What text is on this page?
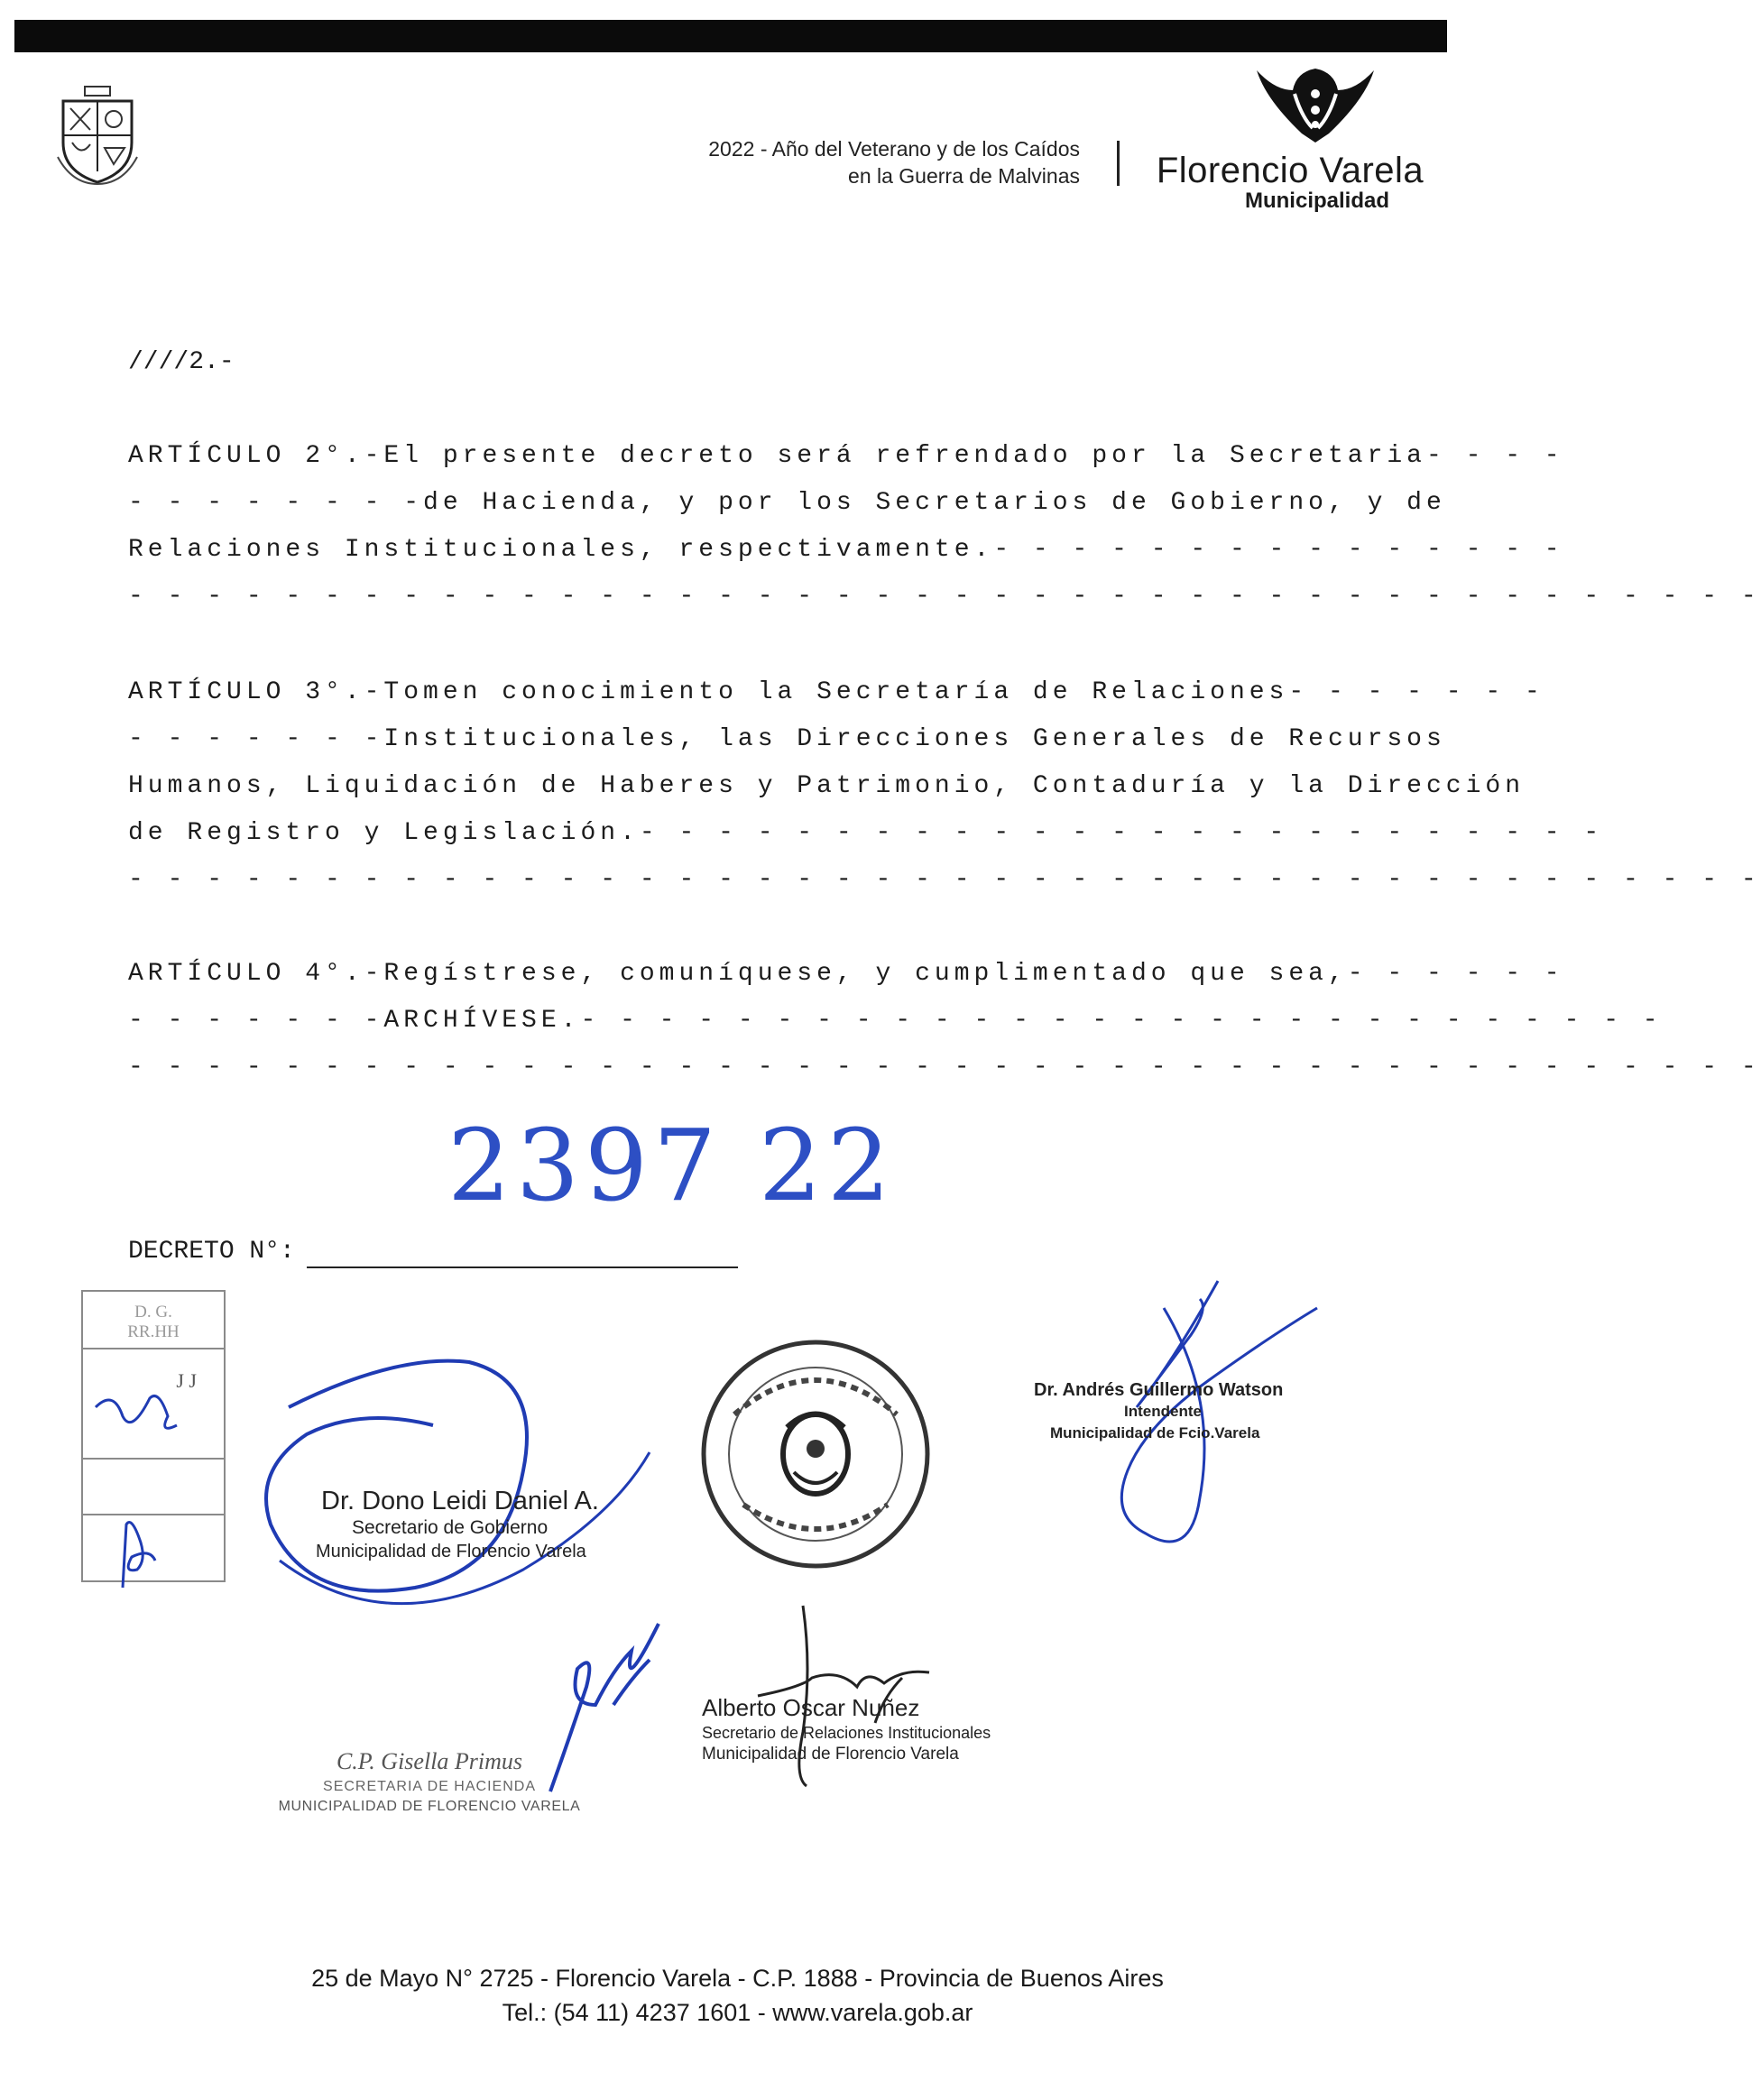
2022 - Año del Veterano y de los Caídos
en la Guerra de Malvinas	Florencio Varela
Municipalidad
////2.-
ARTÍCULO 2°.-El presente decreto será refrendado por la Secretaria- - - -
- - - - - - - -de Hacienda, y por los Secretarios de Gobierno, y de
Relaciones Institucionales, respectivamente.- - - - - - - - - - - - - - -
- - - - - - - - - - - - - - - - - - - - - - - - - - - - - - - - - - - - - - - - - -
ARTÍCULO 3°.-Tomen conocimiento la Secretaría de Relaciones- - - - - - -
- - - - - - -Institucionales, las Direcciones Generales de Recursos
Humanos, Liquidación de Haberes y Patrimonio, Contaduría y la Dirección
de Registro y Legislación.- - - - - - - - - - - - - - - - - - - - - - - - -
- - - - - - - - - - - - - - - - - - - - - - - - - - - - - - - - - - - - - - - - - -
ARTÍCULO 4°.-Regístrese, comuníquese, y cumplimentado que sea,- - - - - -
- - - - - - -ARCHÍVESE.- - - - - - - - - - - - - - - - - - - - - - - - - - - -
- - - - - - - - - - - - - - - - - - - - - - - - - - - - - - - - - - - - - - - - - -
2397 22
DECRETO N°:
D. G.
RR.HH
J J
Dr. Dono Leidi Daniel A.
Secretario de Gobierno
Municipalidad de Florencio Varela
Dr. Andrés Guillermo Watson
Intendente
Municipalidad de Fcio.Varela
C.P. Gisella Primus
SECRETARIA DE HACIENDA
MUNICIPALIDAD DE FLORENCIO VARELA
Alberto Oscar Nuñez
Secretario de Relaciones Institucionales
Municipalidad de Florencio Varela
25 de Mayo N° 2725 - Florencio Varela - C.P. 1888 - Provincia de Buenos Aires
Tel.: (54 11) 4237 1601 - www.varela.gob.ar
